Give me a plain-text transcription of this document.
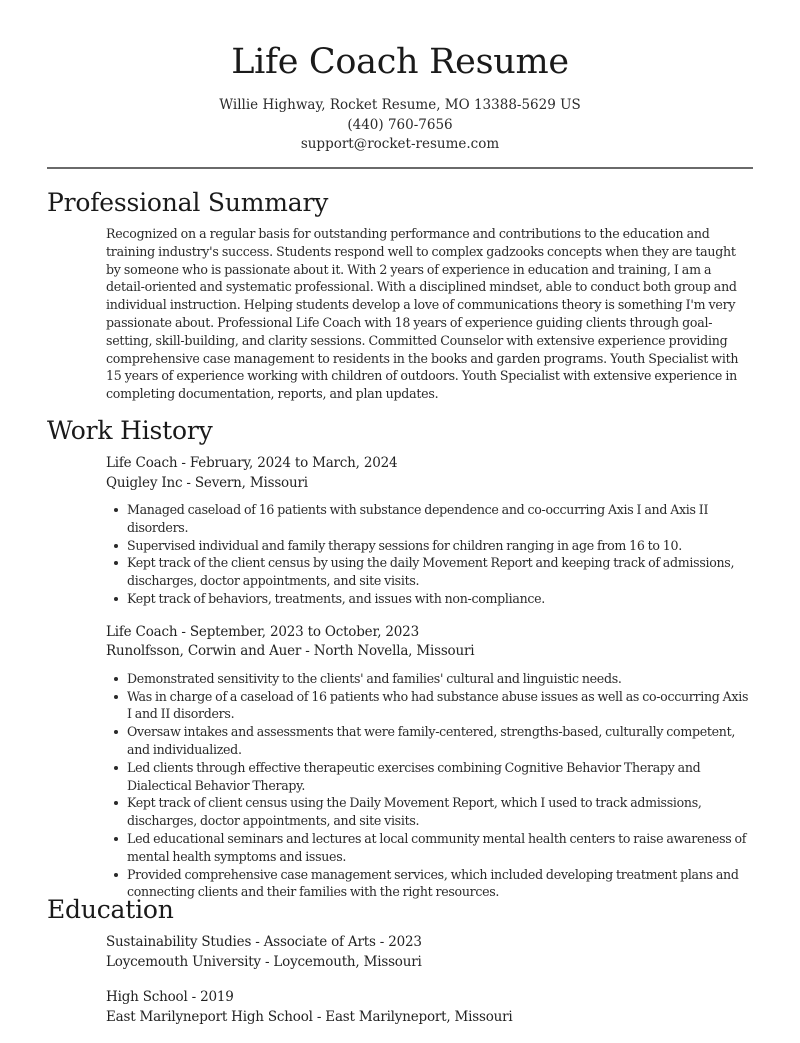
Life Coach Resume
Willie Highway, Rocket Resume, MO 13388-5629 US
(440) 760-7656
support@rocket-resume.com
Professional Summary

Recognized on a regular basis for outstanding performance and contributions to the education and training industry's success. Students respond well to complex gadzooks concepts when they are taught by someone who is passionate about it. With 2 years of experience in education and training, I am a detail-oriented and systematic professional. With a disciplined mindset, able to conduct both group and individual instruction. Helping students develop a love of communications theory is something I'm very passionate about. Professional Life Coach with 18 years of experience guiding clients through goal-setting, skill-building, and clarity sessions. Committed Counselor with extensive experience providing comprehensive case management to residents in the books and garden programs. Youth Specialist with 15 years of experience working with children of outdoors. Youth Specialist with extensive experience in completing documentation, reports, and plan updates.

Work History
Life Coach - February, 2024 to March, 2024
Quigley Inc - Severn, Missouri
Managed caseload of 16 patients with substance dependence and co-occurring Axis I and Axis II disorders.
Supervised individual and family therapy sessions for children ranging in age from 16 to 10.
Kept track of the client census by using the daily Movement Report and keeping track of admissions, discharges, doctor appointments, and site visits.
Kept track of behaviors, treatments, and issues with non-compliance.
Life Coach - September, 2023 to October, 2023
Runolfsson, Corwin and Auer - North Novella, Missouri
Demonstrated sensitivity to the clients' and families' cultural and linguistic needs.
Was in charge of a caseload of 16 patients who had substance abuse issues as well as co-occurring Axis I and II disorders.
Oversaw intakes and assessments that were family-centered, strengths-based, culturally competent, and individualized.
Led clients through effective therapeutic exercises combining Cognitive Behavior Therapy and Dialectical Behavior Therapy.
Kept track of client census using the Daily Movement Report, which I used to track admissions, discharges, doctor appointments, and site visits.
Led educational seminars and lectures at local community mental health centers to raise awareness of mental health symptoms and issues.
Provided comprehensive case management services, which included developing treatment plans and connecting clients and their families with the right resources.
Education
Sustainability Studies - Associate of Arts - 2023
Loycemouth University - Loycemouth, Missouri
High School - 2019
East Marilyneport High School - East Marilyneport, Missouri
